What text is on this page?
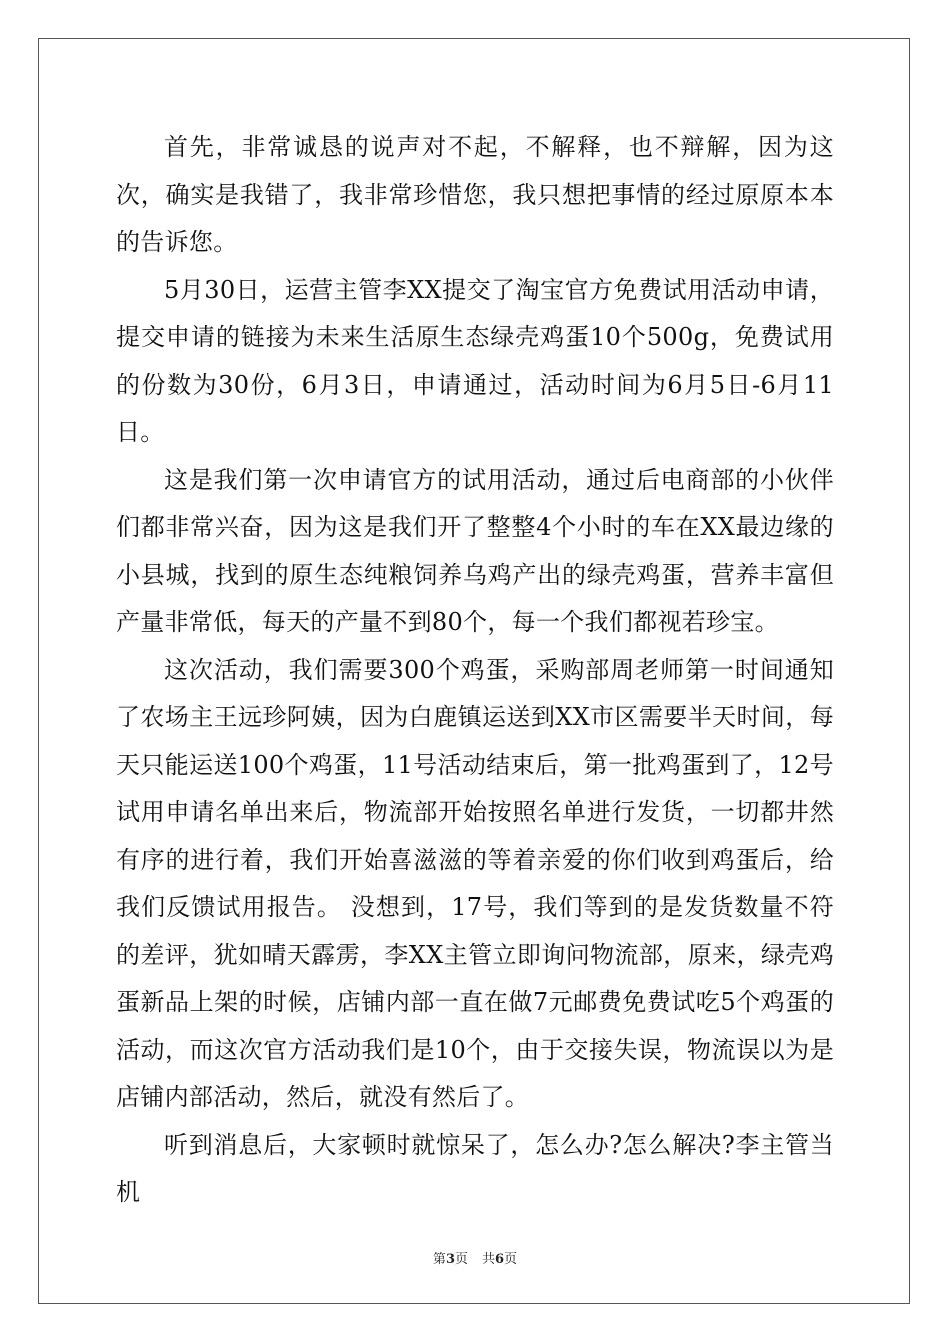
首先，非常诚恳的说声对不起，不解释，也不辩解，因为这次，确实是我错了，我非常珍惜您，我只想把事情的经过原原本本的告诉您。

5月30日，运营主管李XX提交了淘宝官方免费试用活动申请，提交申请的链接为未来生活原生态绿壳鸡蛋10个500g，免费试用的份数为30份，6月3日，申请通过，活动时间为6月5日-6月11日。

这是我们第一次申请官方的试用活动，通过后电商部的小伙伴们都非常兴奋，因为这是我们开了整整4个小时的车在XX最边缘的小县城，找到的原生态纯粮饲养乌鸡产出的绿壳鸡蛋，营养丰富但产量非常低，每天的产量不到80个，每一个我们都视若珍宝。

这次活动，我们需要300个鸡蛋，采购部周老师第一时间通知了农场主王远珍阿姨，因为白鹿镇运送到XX市区需要半天时间，每天只能运送100个鸡蛋，11号活动结束后，第一批鸡蛋到了，12号试用申请名单出来后，物流部开始按照名单进行发货，一切都井然有序的进行着，我们开始喜滋滋的等着亲爱的你们收到鸡蛋后，给我们反馈试用报告。 没想到，17号，我们等到的是发货数量不符的差评，犹如晴天霹雳，李XX主管立即询问物流部，原来，绿壳鸡蛋新品上架的时候，店铺内部一直在做7元邮费免费试吃5个鸡蛋的活动，而这次官方活动我们是10个，由于交接失误，物流误以为是店铺内部活动，然后，就没有然后了。

听到消息后，大家顿时就惊呆了，怎么办?怎么解决?李主管当机

第3页 共6页
